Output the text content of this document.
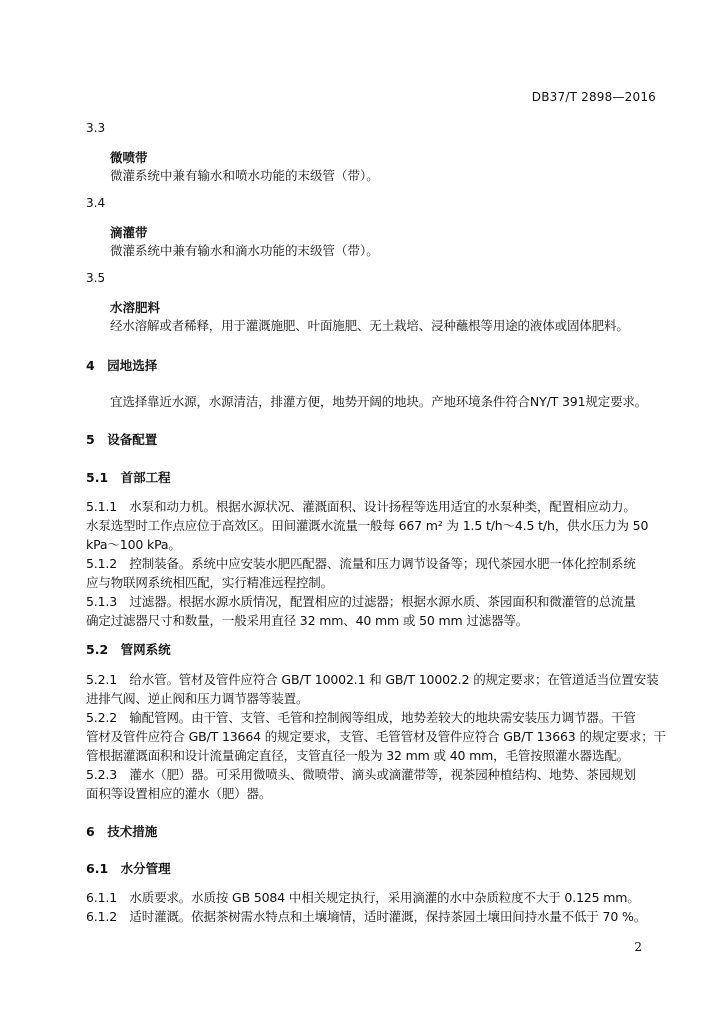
DB37/T 2898—2016
3.3
微喷带
微灌系统中兼有输水和喷水功能的末级管（带）。
3.4
滴灌带
微灌系统中兼有输水和滴水功能的末级管（带）。
3.5
水溶肥料
经水溶解或者稀释，用于灌溉施肥、叶面施肥、无土栽培、浸种蘸根等用途的液体或固体肥料。
4　园地选择
宜选择靠近水源，水源清洁，排灌方便，地势开阔的地块。产地环境条件符合NY/T 391规定要求。
5　设备配置
5.1　首部工程
5.1.1　水泵和动力机。根据水源状况、灌溉面积、设计扬程等选用适宜的水泵种类，配置相应动力。
水泵选型时工作点应位于高效区。田间灌溉水流量一般每 667 m² 为 1.5 t/h～4.5 t/h，供水压力为 50
kPa～100 kPa。
5.1.2　控制装备。系统中应安装水肥匹配器、流量和压力调节设备等；现代茶园水肥一体化控制系统
应与物联网系统相匹配，实行精准远程控制。
5.1.3　过滤器。根据水源水质情况，配置相应的过滤器；根据水源水质、茶园面积和微灌管的总流量
确定过滤器尺寸和数量，一般采用直径 32 mm、40 mm 或 50 mm 过滤器等。
5.2　管网系统
5.2.1　给水管。管材及管件应符合 GB/T 10002.1 和 GB/T 10002.2 的规定要求；在管道适当位置安装
进排气阀、逆止阀和压力调节器等装置。
5.2.2　输配管网。由干管、支管、毛管和控制阀等组成，地势差较大的地块需安装压力调节器。干管
管材及管件应符合 GB/T 13664 的规定要求，支管、毛管管材及管件应符合 GB/T 13663 的规定要求；干
管根据灌溉面积和设计流量确定直径，支管直径一般为 32 mm 或 40 mm，毛管按照灌水器选配。
5.2.3　灌水（肥）器。可采用微喷头、微喷带、滴头或滴灌带等，视茶园种植结构、地势、茶园规划
面积等设置相应的灌水（肥）器。
6　技术措施
6.1　水分管理
6.1.1　水质要求。水质按 GB 5084 中相关规定执行，采用滴灌的水中杂质粒度不大于 0.125 mm。
6.1.2　适时灌溉。依据茶树需水特点和土壤墒情，适时灌溉，保持茶园土壤田间持水量不低于 70 %。
2
